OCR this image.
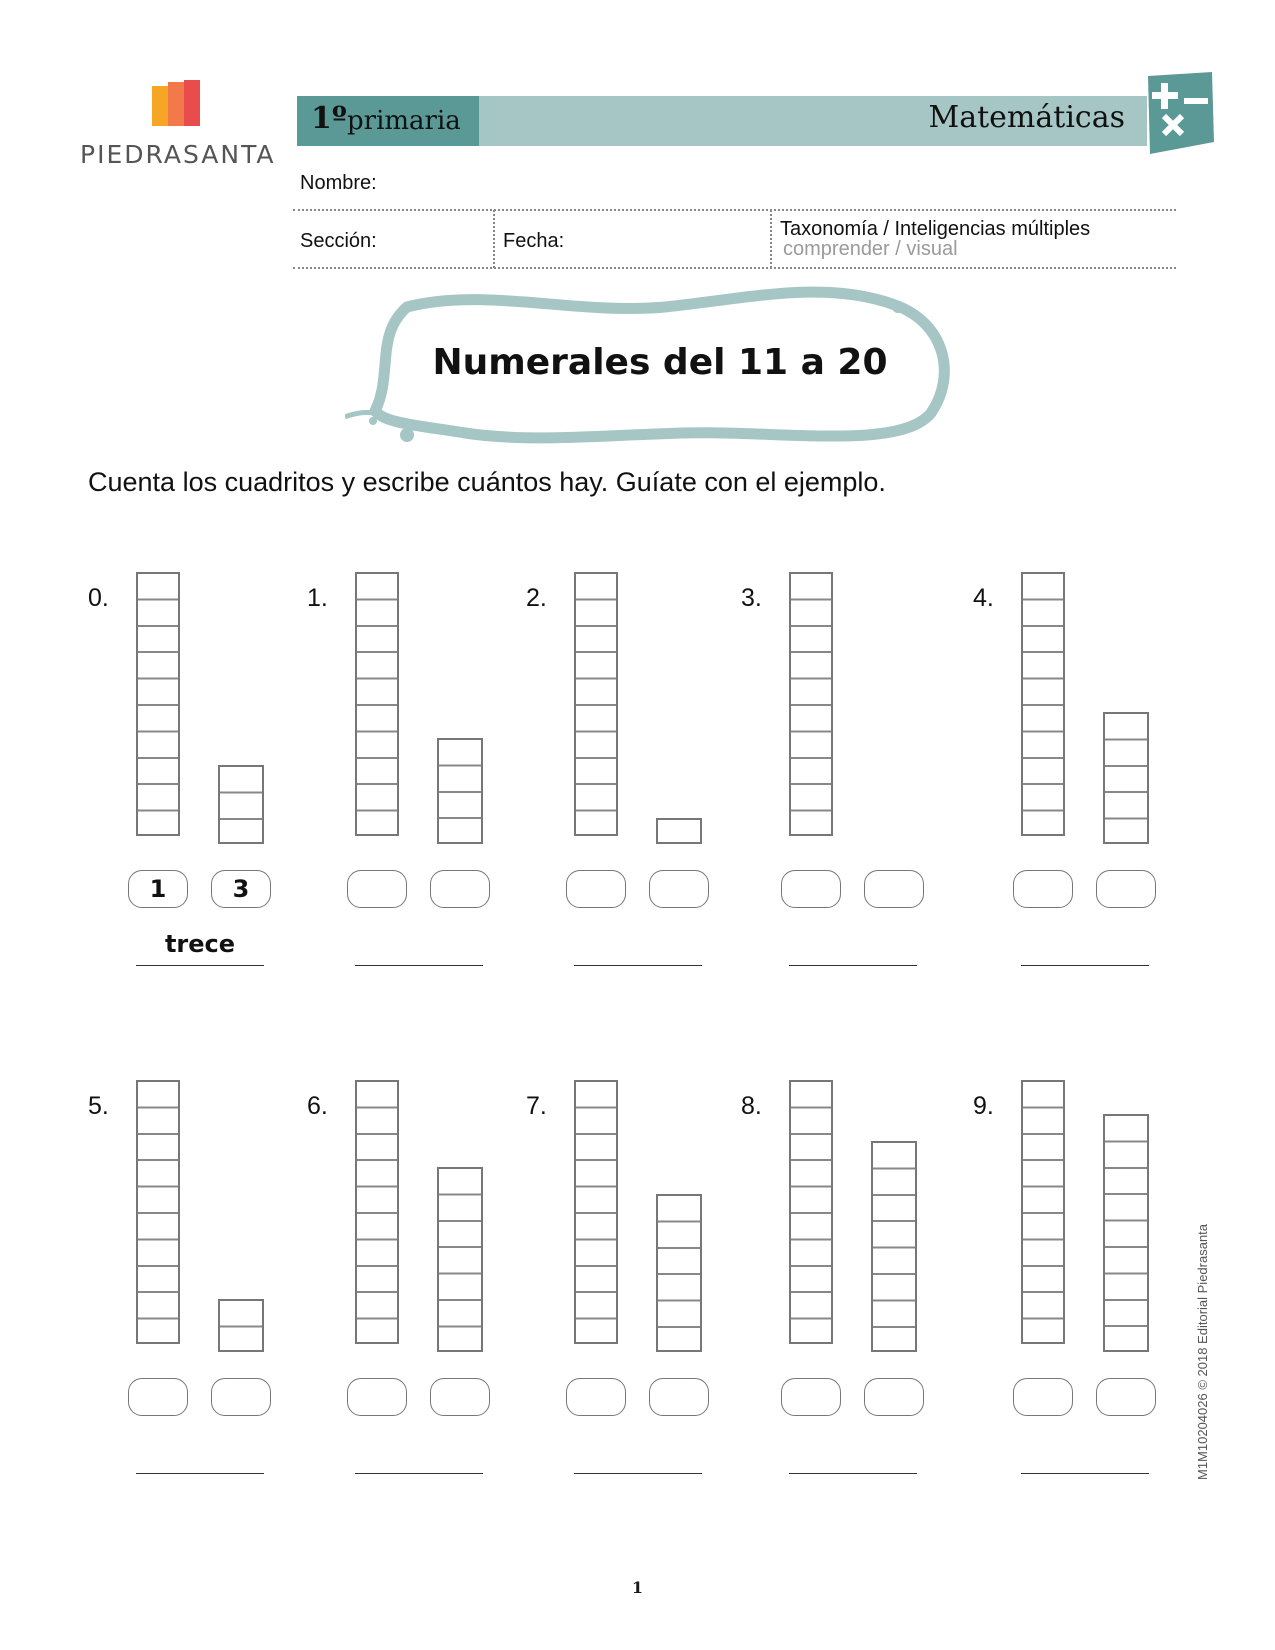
PIEDRASANTA
1º primaria	Matemáticas
Nombre:
Sección:	Fecha:
Taxonomía / Inteligencias múltiples
comprender / visual
Numerales del 11 a 20
Cuenta los cuadritos y escribe cuántos hay. Guíate con el ejemplo.
0.
1	3
trece
1.	2.	3.	4.
5.	6.	7.	8.	9.
M1M10204026 © 2018 Editorial Piedrasanta
1
